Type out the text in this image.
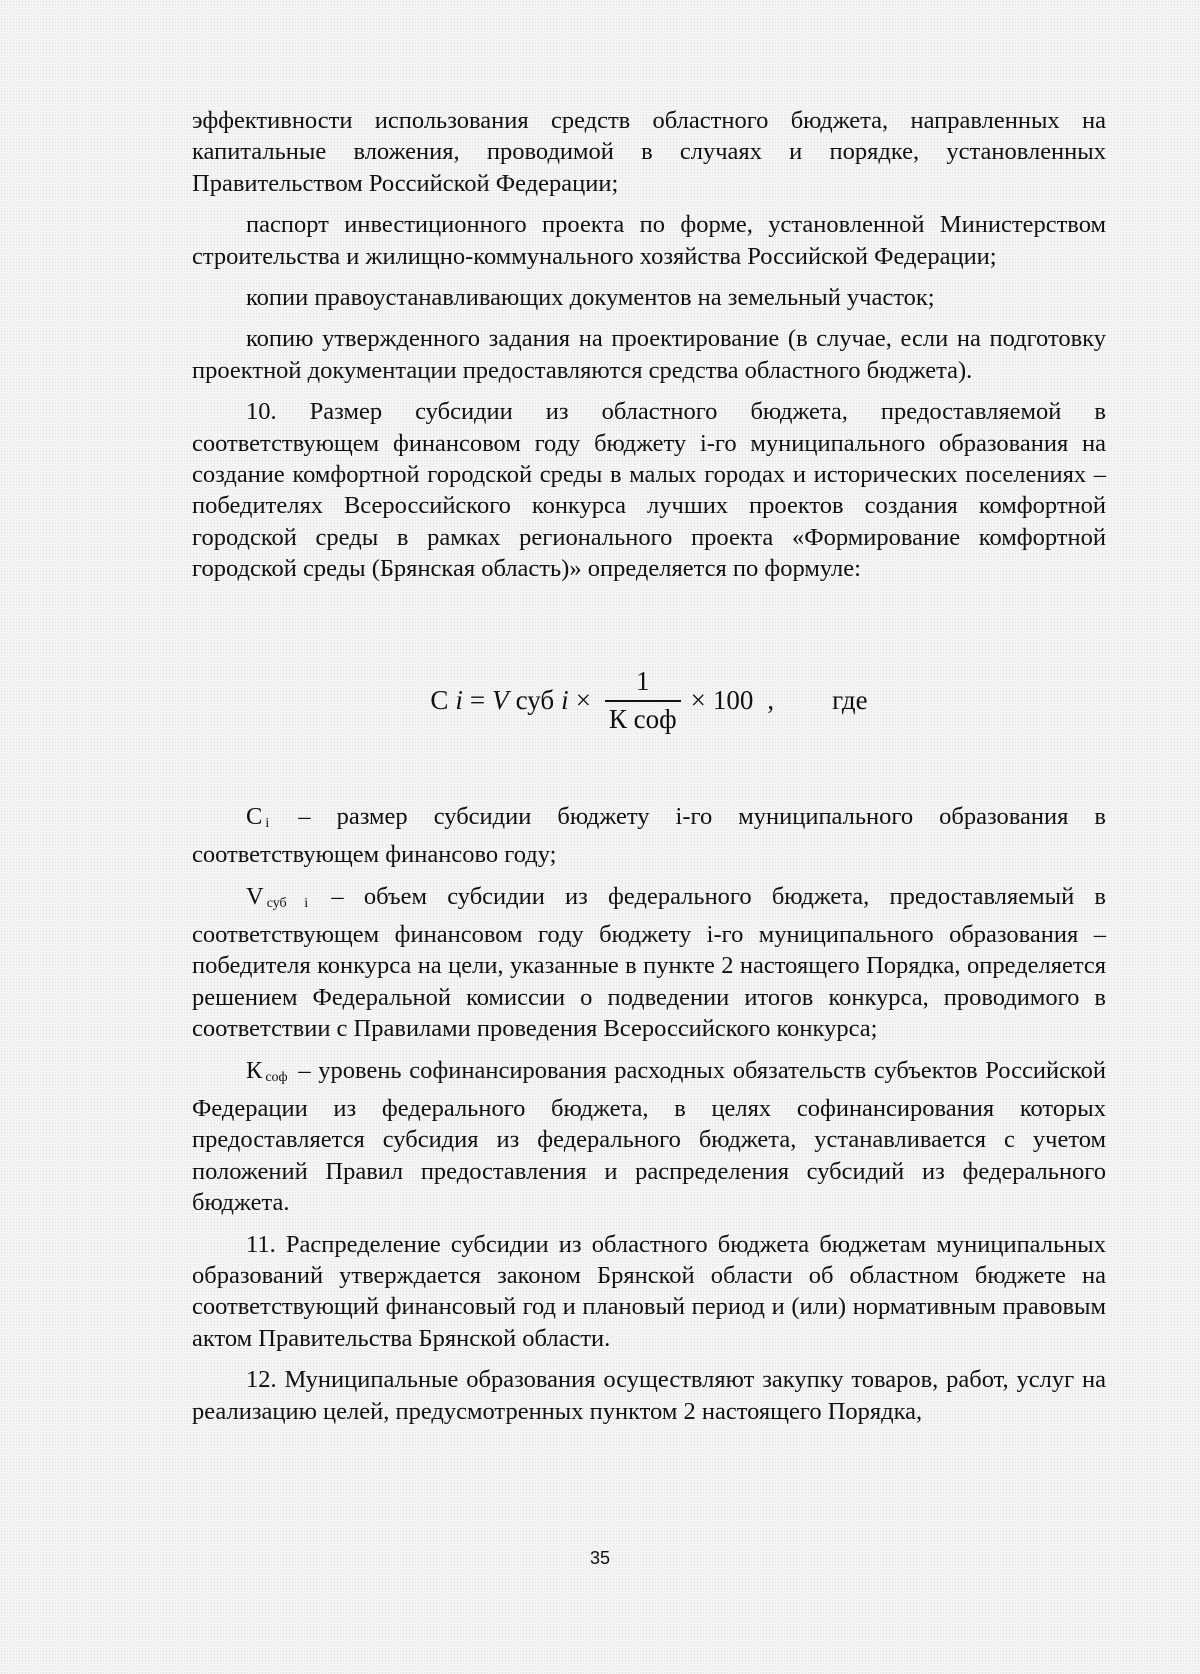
эффективности использования средств областного бюджета, направленных на капитальные вложения, проводимой в случаях и порядке, установленных Правительством Российской Федерации;

паспорт инвестиционного проекта по форме, установленной Министерством строительства и жилищно-коммунального хозяйства Российской Федерации;

копии правоустанавливающих документов на земельный участок;

копию утвержденного задания на проектирование (в случае, если на подготовку проектной документации предоставляются средства областного бюджета).

10. Размер субсидии из областного бюджета, предоставляемой в соответствующем финансовом году бюджету i-го муниципального образования на создание комфортной городской среды в малых городах и исторических поселениях – победителях Всероссийского конкурса лучших проектов создания комфортной городской среды в рамках регионального проекта «Формирование комфортной городской среды (Брянская область)» определяется по формуле:

C i = V суб $i \times \frac{1}{\text{К соф}} \times 100$ , где

С $_i$ – размер субсидии бюджету i-го муниципального образования в соответствующем финансово году;

V $_{суб i}$ – объем субсидии из федерального бюджета, предоставляемый в соответствующем финансовом году бюджету i-го муниципального образования – победителя конкурса на цели, указанные в пункте 2 настоящего Порядка, определяется решением Федеральной комиссии о подведении итогов конкурса, проводимого в соответствии с Правилами проведения Всероссийского конкурса;

К $_{соф}$ – уровень софинансирования расходных обязательств субъектов Российской Федерации из федерального бюджета, в целях софинансирования которых предоставляется субсидия из федерального бюджета, устанавливается с учетом положений Правил предоставления и распределения субсидий из федерального бюджета.

11. Распределение субсидии из областного бюджета бюджетам муниципальных образований утверждается законом Брянской области об областном бюджете на соответствующий финансовый год и плановый период и (или) нормативным правовым актом Правительства Брянской области.

12. Муниципальные образования осуществляют закупку товаров, работ, услуг на реализацию целей, предусмотренных пунктом 2 настоящего Порядка,

35
